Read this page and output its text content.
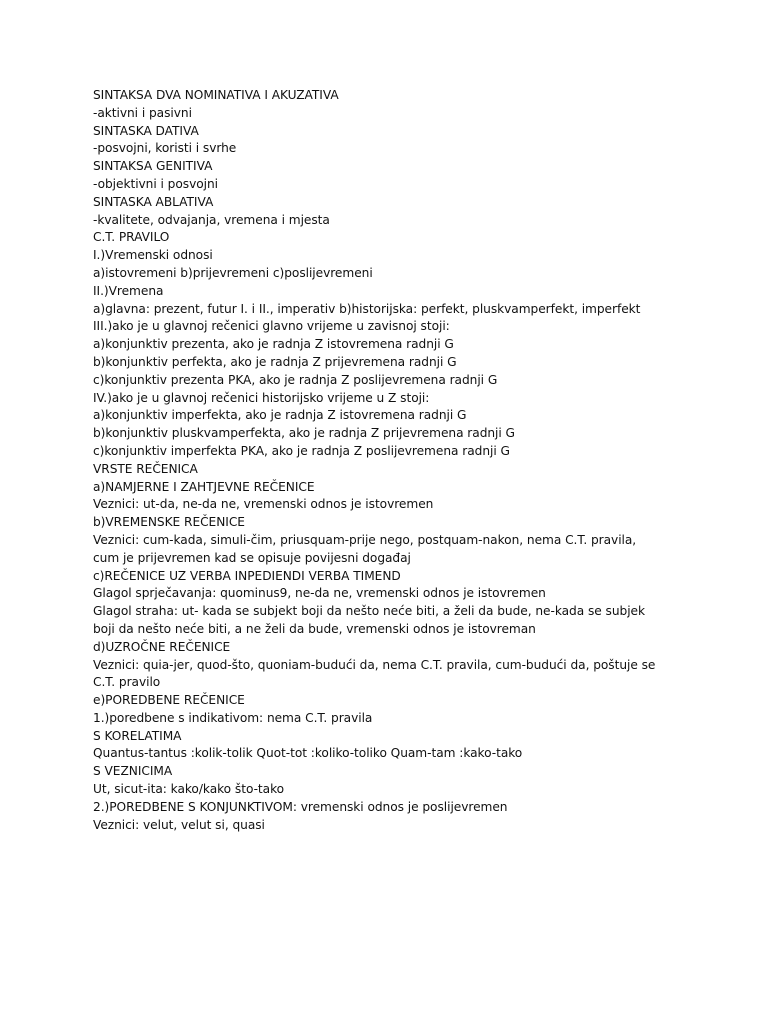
SINTAKSA DVA NOMINATIVA I AKUZATIVA
-aktivni i pasivni
SINTASKA DATIVA
-posvojni, koristi i svrhe
SINTAKSA GENITIVA
-objektivni i posvojni
SINTASKA ABLATIVA
-kvalitete, odvajanja, vremena i mjesta
C.T. PRAVILO
I.)Vremenski odnosi
a)istovremeni b)prijevremeni c)poslijevremeni
II.)Vremena
a)glavna: prezent, futur I. i II., imperativ b)historijska: perfekt, pluskvamperfekt, imperfekt
III.)ako je u glavnoj rečenici glavno vrijeme u zavisnoj stoji:
a)konjunktiv prezenta, ako je radnja Z istovremena radnji G
b)konjunktiv perfekta, ako je radnja Z prijevremena radnji G
c)konjunktiv prezenta PKA, ako je radnja Z poslijevremena radnji G
IV.)ako je u glavnoj rečenici historijsko vrijeme u Z stoji:
a)konjunktiv imperfekta, ako je radnja Z istovremena radnji G
b)konjunktiv pluskvamperfekta, ako je radnja Z prijevremena radnji G
c)konjunktiv imperfekta PKA, ako je radnja Z poslijevremena radnji G
VRSTE REČENICA
a)NAMJERNE I ZAHTJEVNE REČENICE
Veznici: ut-da, ne-da ne, vremenski odnos je istovremen
b)VREMENSKE REČENICE
Veznici: cum-kada, simuli-čim, priusquam-prije nego, postquam-nakon, nema C.T. pravila,
cum je prijevremen kad se opisuje povijesni događaj
c)REČENICE UZ VERBA INPEDIENDI VERBA TIMEND
Glagol sprječavanja: quominus9, ne-da ne, vremenski odnos je istovremen
Glagol straha: ut- kada se subjekt boji da nešto neće biti, a želi da bude, ne-kada se subjek
boji da nešto neće biti, a ne želi da bude, vremenski odnos je istovreman
d)UZROČNE REČENICE
Veznici: quia-jer, quod-što, quoniam-budući da, nema C.T. pravila, cum-budući da, poštuje se
C.T. pravilo
e)POREDBENE REČENICE
1.)poredbene s indikativom: nema C.T. pravila
S KORELATIMA
Quantus-tantus :kolik-tolik Quot-tot :koliko-toliko Quam-tam :kako-tako
S VEZNICIMA
Ut, sicut-ita: kako/kako što-tako
2.)POREDBENE S KONJUNKTIVOM: vremenski odnos je poslijevremen
Veznici: velut, velut si, quasi
